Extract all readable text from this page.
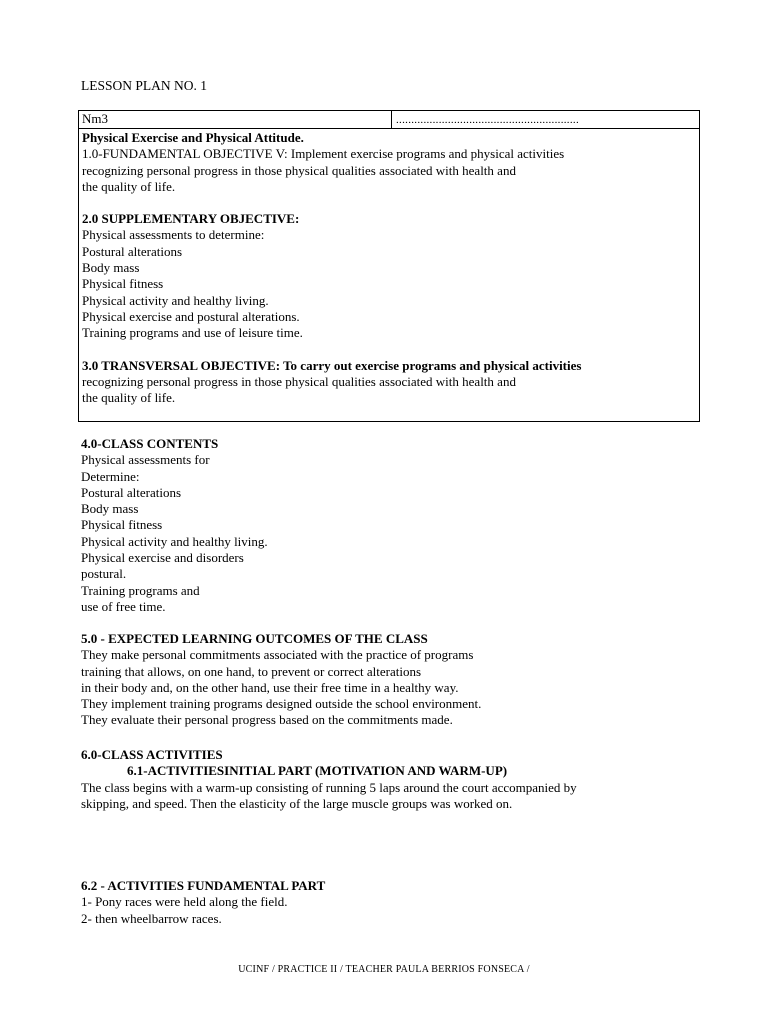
LESSON PLAN NO. 1
Nm3	............................................................
Physical Exercise and Physical Attitude.
1.0-FUNDAMENTAL OBJECTIVE V: Implement exercise programs and physical activities
recognizing personal progress in those physical qualities associated with health and
the quality of life.
2.0 SUPPLEMENTARY OBJECTIVE:
Physical assessments to determine:
Postural alterations
Body mass
Physical fitness
Physical activity and healthy living.
Physical exercise and postural alterations.
Training programs and use of leisure time.
3.0 TRANSVERSAL OBJECTIVE: To carry out exercise programs and physical activities
recognizing personal progress in those physical qualities associated with health and
the quality of life.
4.0-CLASS CONTENTS
Physical assessments for
Determine:
Postural alterations
Body mass
Physical fitness
Physical activity and healthy living.
Physical exercise and disorders
postural.
Training programs and
use of free time.
5.0 - EXPECTED LEARNING OUTCOMES OF THE CLASS
They make personal commitments associated with the practice of programs
training that allows, on one hand, to prevent or correct alterations
in their body and, on the other hand, use their free time in a healthy way.
They implement training programs designed outside the school environment.
They evaluate their personal progress based on the commitments made.
6.0-CLASS ACTIVITIES
6.1-ACTIVITIESINITIAL PART (MOTIVATION AND WARM-UP)
The class begins with a warm-up consisting of running 5 laps around the court accompanied by
skipping, and speed. Then the elasticity of the large muscle groups was worked on.
6.2 - ACTIVITIES FUNDAMENTAL PART
1- Pony races were held along the field.
2- then wheelbarrow races.
UCINF / PRACTICE II / TEACHER PAULA BERRIOS FONSECA /
